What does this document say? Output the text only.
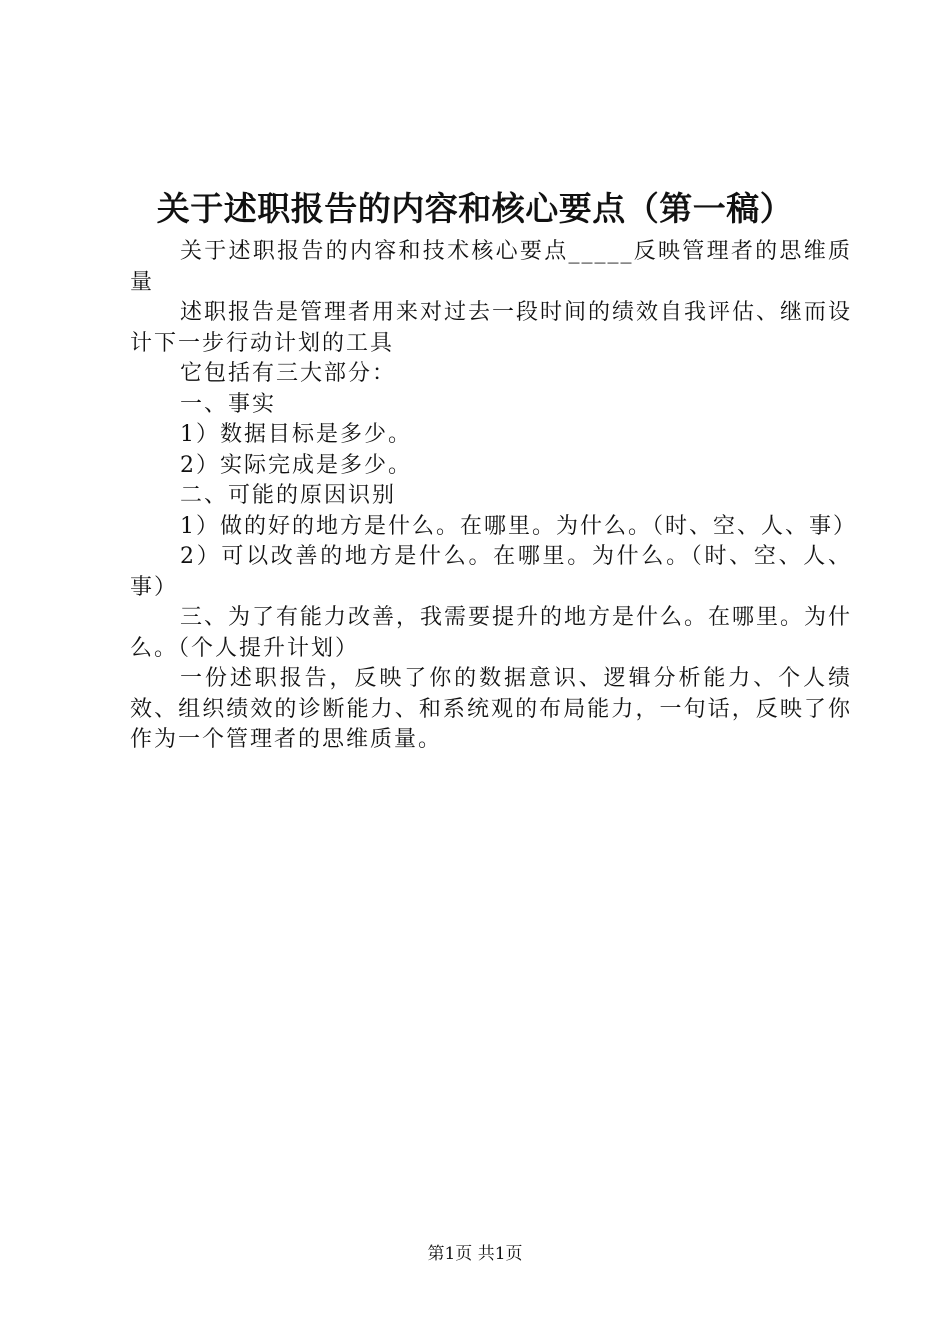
关于述职报告的内容和核心要点（第一稿）

关于述职报告的内容和技术核心要点_____反映管理者的思维质量

述职报告是管理者用来对过去一段时间的绩效自我评估、继而设计下一步行动计划的工具

它包括有三大部分：

一、事实

1）数据目标是多少。

2）实际完成是多少。

二、可能的原因识别

1）做的好的地方是什么。在哪里。为什么。（时、空、人、事）

2）可以改善的地方是什么。在哪里。为什么。（时、空、人、事）

三、为了有能力改善，我需要提升的地方是什么。在哪里。为什么。（个人提升计划）

一份述职报告，反映了你的数据意识、逻辑分析能力、个人绩效、组织绩效的诊断能力、和系统观的布局能力，一句话，反映了你作为一个管理者的思维质量。

第1页 共1页
